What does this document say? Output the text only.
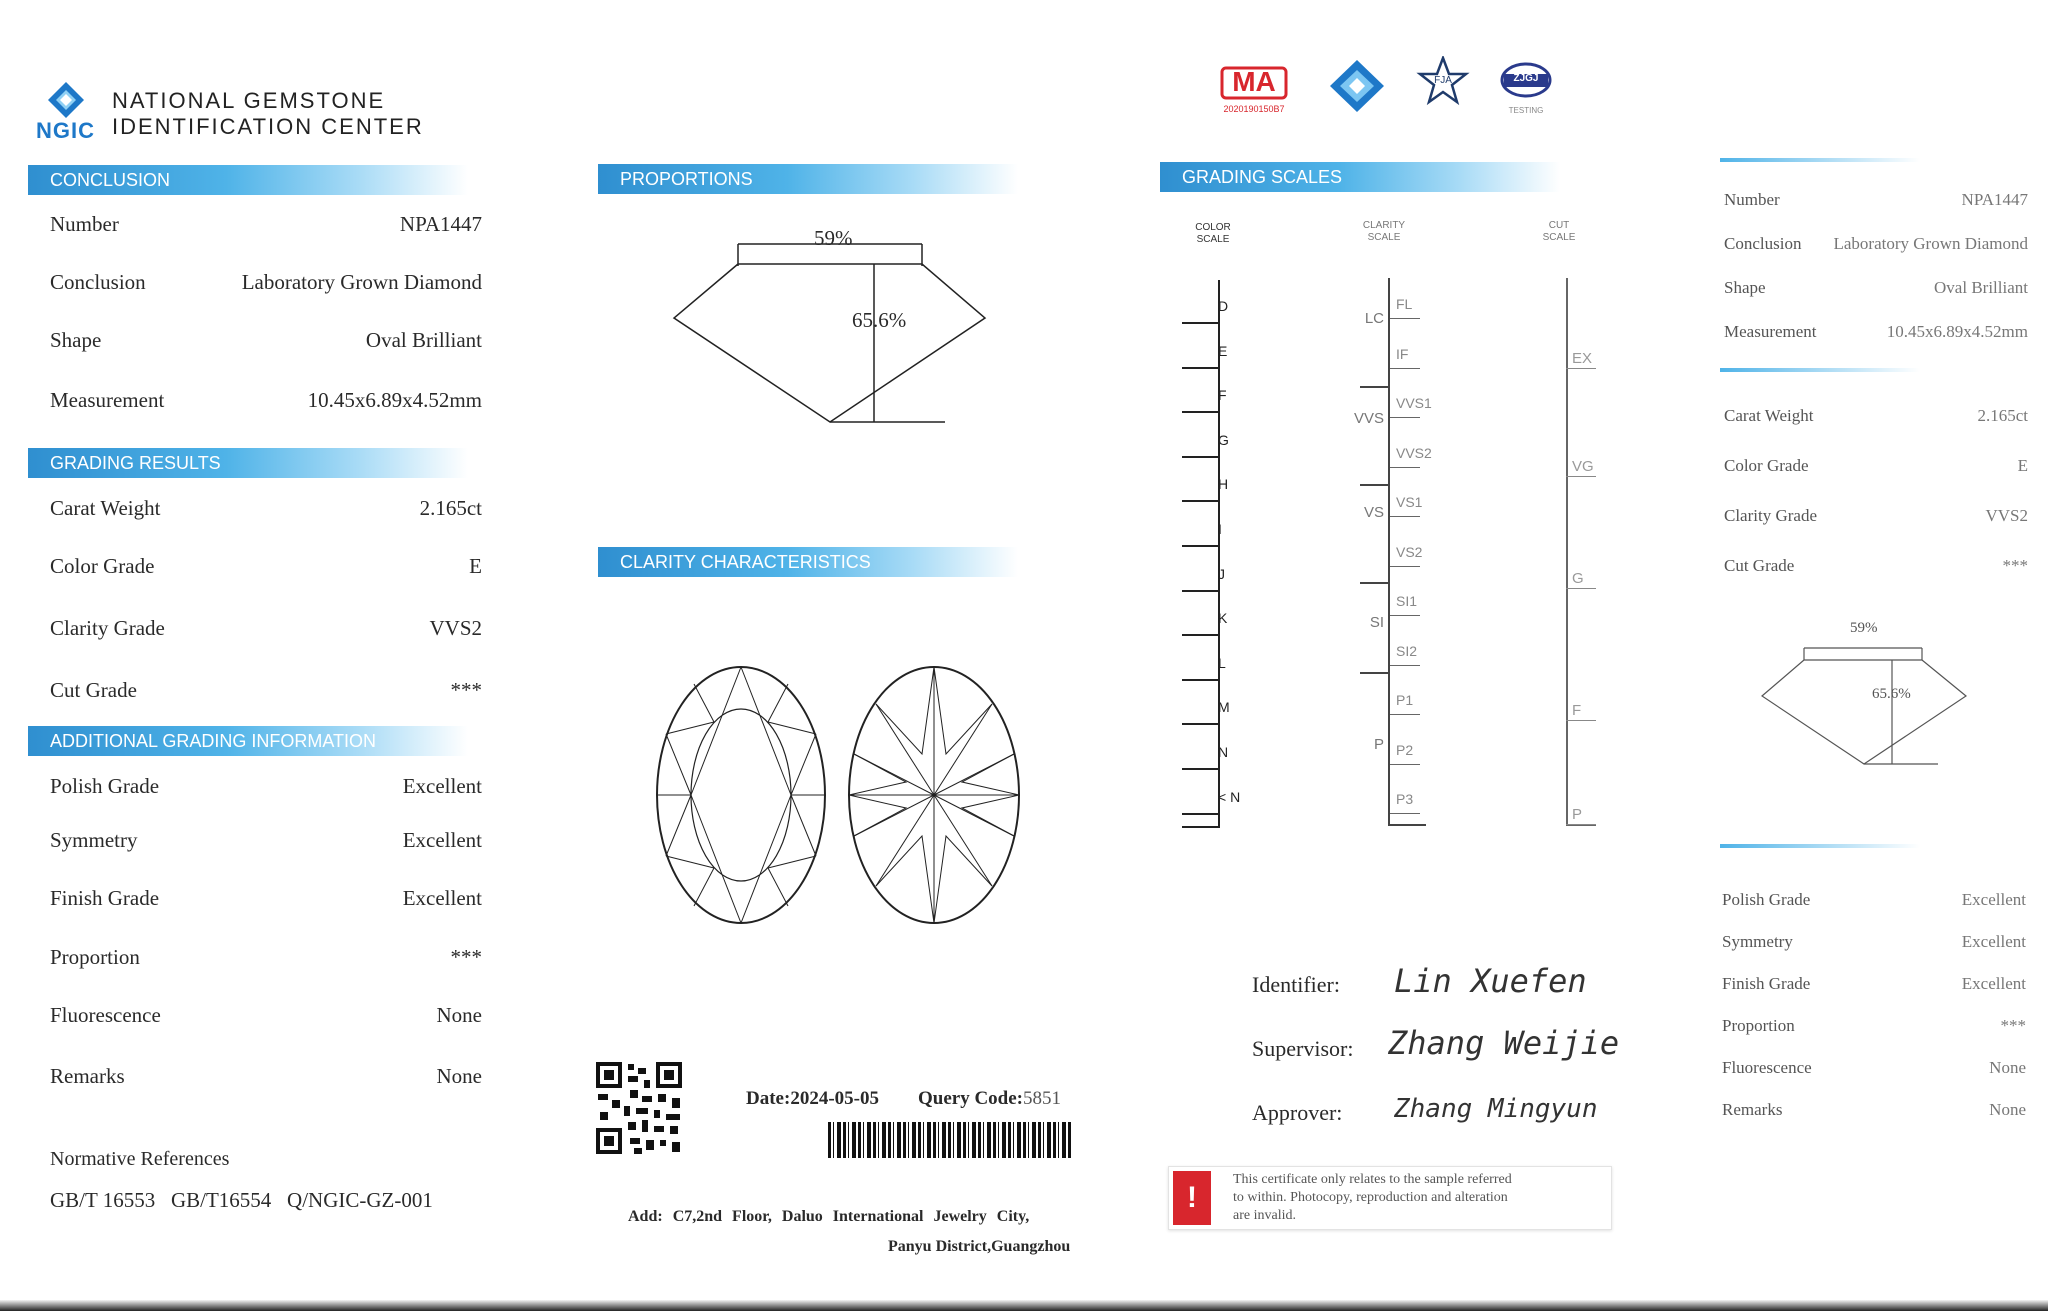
NGIC
NATIONAL GEMSTONE
IDENTIFICATION CENTER
MA
2020190150B7
FJA	ZJGJ
TESTING
CONCLUSION
Number	NPA1447
Conclusion	Laboratory Grown Diamond
Shape	Oval Brilliant
Measurement	10.45x6.89x4.52mm
GRADING RESULTS
Carat Weight	2.165ct
Color Grade	E
Clarity Grade	VVS2
Cut Grade	***
ADDITIONAL GRADING INFORMATION
Polish Grade	Excellent
Symmetry	Excellent
Finish Grade	Excellent
Proportion	***
Fluorescence	None
Remarks	None
Normative References
GB/T 16553   GB/T16554   Q/NGIC-GZ-001
PROPORTIONS
59%
65.6%
CLARITY CHARACTERISTICS
Date:2024-05-05 Query Code:5851
Add: C7,2nd Floor, Daluo International Jewelry City,
Panyu District,Guangzhou
GRADING SCALES
COLOR
SCALE
CLARITY
SCALE
CUT
SCALE
D
E
F
G
H
I
J
K
L
M
N
< N
FL
IF
VVS1
VVS2
VS1
VS2
SI1
SI2
P1
P2
P3
LC
VVS
VS
SI
P
EX
VG
G
F
P
Identifier: Lin Xuefen
Supervisor: Zhang Weijie
Approver: Zhang Mingyun
!
This certificate only relates to the sample referred
to within. Photocopy, reproduction and alteration
are invalid.
Number	NPA1447
Conclusion Laboratory Grown Diamond
Shape	Oval Brilliant
Measurement	10.45x6.89x4.52mm
Carat Weight	2.165ct
Color Grade	E
Clarity Grade	VVS2
Cut Grade	***
59%
65.6%
Polish Grade	Excellent
Symmetry	Excellent
Finish Grade	Excellent
Proportion	***
Fluorescence	None
Remarks	None
